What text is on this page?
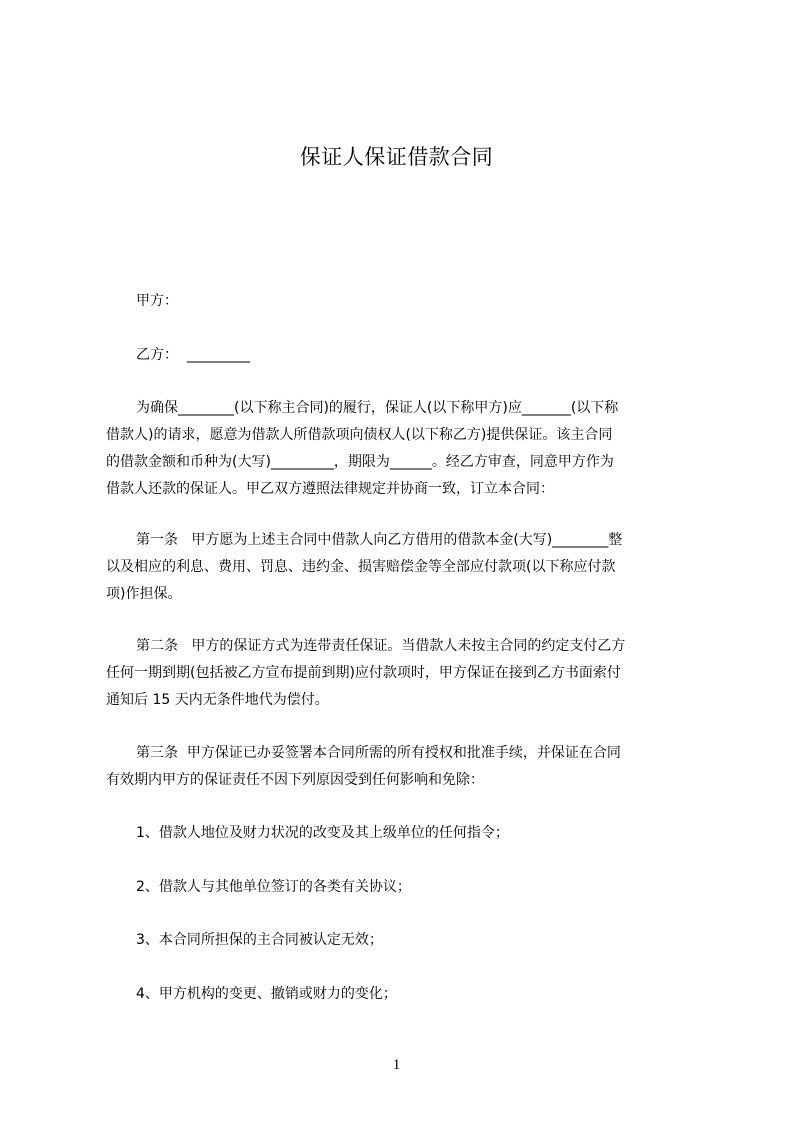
保证人保证借款合同
甲方：
乙方：  _________
为确保________(以下称主合同)的履行，保证人(以下称甲方)应_______(以下称
借款人)的请求，愿意为借款人所借款项向债权人(以下称乙方)提供保证。该主合同
的借款金额和币种为(大写)_________，期限为______。经乙方审查，同意甲方作为
借款人还款的保证人。甲乙双方遵照法律规定并协商一致，订立本合同：
第一条   甲方愿为上述主合同中借款人向乙方借用的借款本金(大写)________整
以及相应的利息、费用、罚息、违约金、损害赔偿金等全部应付款项(以下称应付款
项)作担保。
第二条   甲方的保证方式为连带责任保证。当借款人未按主合同的约定支付乙方
任何一期到期(包括被乙方宣布提前到期)应付款项时，甲方保证在接到乙方书面索付
通知后 15 天内无条件地代为偿付。
第三条  甲方保证已办妥签署本合同所需的所有授权和批准手续，并保证在合同
有效期内甲方的保证责任不因下列原因受到任何影响和免除：
1、借款人地位及财力状况的改变及其上级单位的任何指令；
2、借款人与其他单位签订的各类有关协议；
3、本合同所担保的主合同被认定无效；
4、甲方机构的变更、撤销或财力的变化；
1
